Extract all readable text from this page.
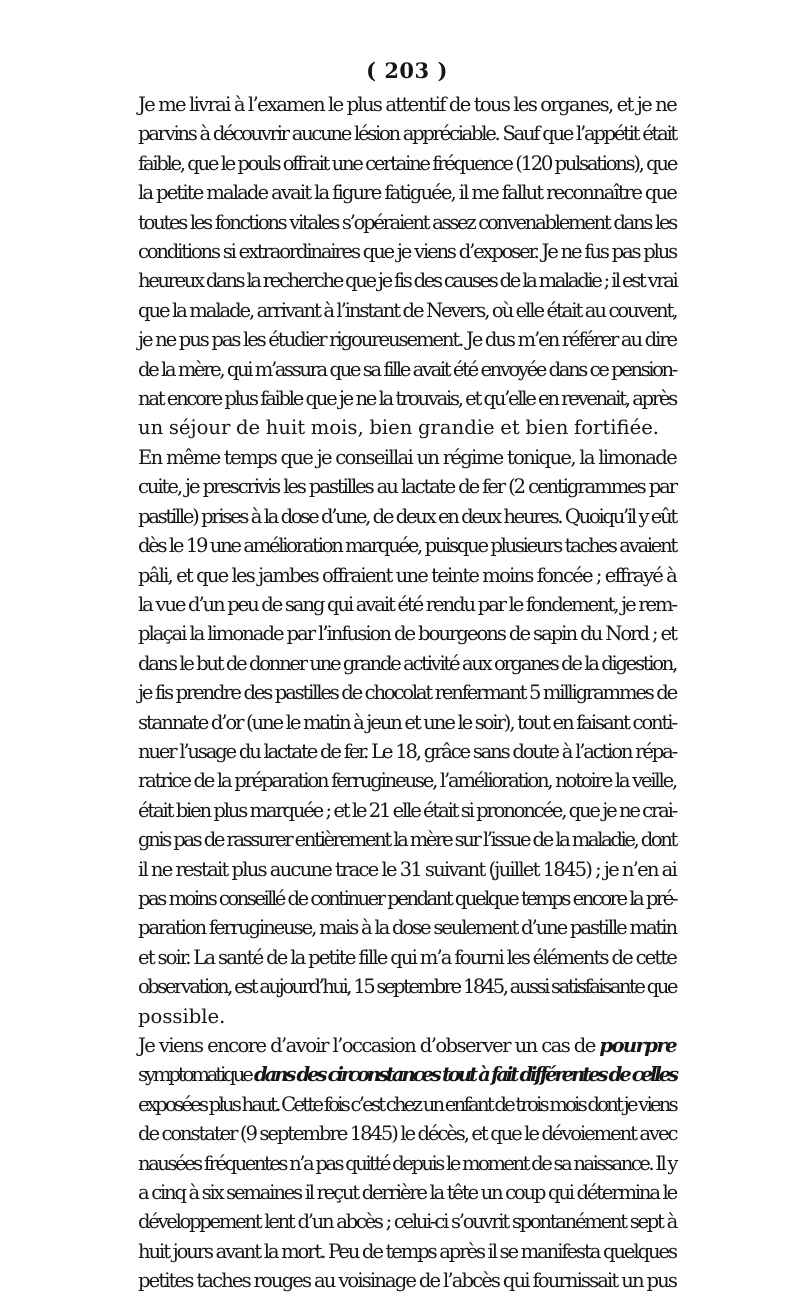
( 203 )

Je me livrai à l’examen le plus attentif de tous les organes, et je ne
parvins à découvrir aucune lésion appréciable. Sauf que l’appétit était
faible, que le pouls offrait une certaine fréquence (120 pulsations), que
la petite malade avait la figure fatiguée, il me fallut reconnaître que
toutes les fonctions vitales s’opéraient assez convenablement dans les
conditions si extraordinaires que je viens d’exposer. Je ne fus pas plus
heureux dans la recherche que je fis des causes de la maladie ; il est vrai
que la malade, arrivant à l’instant de Nevers, où elle était au couvent,
je ne pus pas les étudier rigoureusement. Je dus m’en référer au dire
de la mère, qui m’assura que sa fille avait été envoyée dans ce pension-
nat encore plus faible que je ne la trouvais, et qu’elle en revenait, après
un séjour de huit mois, bien grandie et bien fortifiée.

En même temps que je conseillai un régime tonique, la limonade
cuite, je prescrivis les pastilles au lactate de fer (2 centigrammes par
pastille) prises à la dose d’une, de deux en deux heures. Quoiqu’il y eût
dès le 19 une amélioration marquée, puisque plusieurs taches avaient
pâli, et que les jambes offraient une teinte moins foncée ; effrayé à
la vue d’un peu de sang qui avait été rendu par le fondement, je rem-
plaçai la limonade par l’infusion de bourgeons de sapin du Nord ; et
dans le but de donner une grande activité aux organes de la digestion,
je fis prendre des pastilles de chocolat renfermant 5 milligrammes de
stannate d’or (une le matin à jeun et une le soir), tout en faisant conti-
nuer l’usage du lactate de fer. Le 18, grâce sans doute à l’action répa-
ratrice de la préparation ferrugineuse, l’amélioration, notoire la veille,
était bien plus marquée ; et le 21 elle était si prononcée, que je ne crai-
gnis pas de rassurer entièrement la mère sur l’issue de la maladie, dont
il ne restait plus aucune trace le 31 suivant (juillet 1845) ; je n’en ai
pas moins conseillé de continuer pendant quelque temps encore la pré-
paration ferrugineuse, mais à la dose seulement d’une pastille matin
et soir. La santé de la petite fille qui m’a fourni les éléments de cette
observation, est aujourd’hui, 15 septembre 1845, aussi satisfaisante que
possible.

Je viens encore d’avoir l’occasion d’observer un cas de pourpre
symptomatique dans des circonstances tout à fait différentes de celles
exposées plus haut. Cette fois c’est chez un enfant de trois mois dont je viens
de constater (9 septembre 1845) le décès, et que le dévoiement avec
nausées fréquentes n’a pas quitté depuis le moment de sa naissance. Il y
a cinq à six semaines il reçut derrière la tête un coup qui détermina le
développement lent d’un abcès ; celui-ci s’ouvrit spontanément sept à
huit jours avant la mort. Peu de temps après il se manifesta quelques
petites taches rouges au voisinage de l’abcès qui fournissait un pus
